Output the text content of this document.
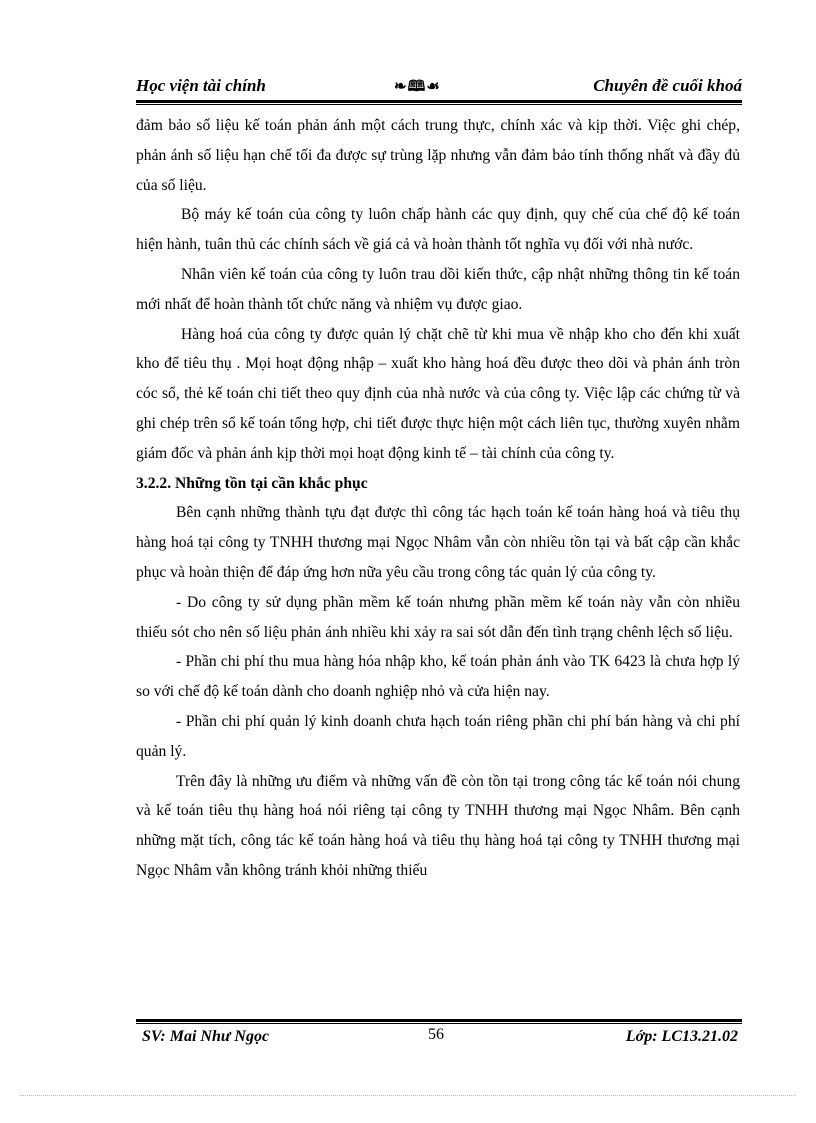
Học viện tài chính	❧🕮☙	Chuyên đề cuối khoá

đảm bảo số liệu kế toán phản ánh một cách trung thực, chính xác và kịp thời. Việc ghi chép, phản ánh số liệu hạn chế tối đa được sự trùng lặp nhưng vẫn đảm bảo tính thống nhất và đầy đủ của số liệu.

Bộ máy kế toán của công ty luôn chấp hành các quy định, quy chế của chế độ kế toán hiện hành, tuân thủ các chính sách về giá cả và hoàn thành tốt nghĩa vụ đối với nhà nước.

Nhân viên kế toán của công ty luôn trau dồi kiến thức, cập nhật những thông tin kế toán mới nhất để hoàn thành tốt chức năng và nhiệm vụ được giao.

Hàng hoá của công ty được quản lý chặt chẽ từ khi mua về nhập kho cho đến khi xuất kho để tiêu thụ . Mọi hoạt động nhập – xuất kho hàng hoá đều được theo dõi và phản ánh tròn cóc sổ, thẻ kế toán chi tiết theo quy định của nhà nước và của công ty. Việc lập các chứng từ và ghi chép trên sổ kế toán tổng hợp, chi tiết được thực hiện một cách liên tục, thường xuyên nhằm giám đốc và phản ánh kịp thời mọi hoạt động kinh tế – tài chính của công ty.

3.2.2. Những tồn tại cần khắc phục

Bên cạnh những thành tựu đạt được thì công tác hạch toán kế toán hàng hoá và tiêu thụ hàng hoá tại công ty TNHH thương mại Ngọc Nhâm vẫn còn nhiều tồn tại và bất cập cần khắc phục và hoàn thiện để đáp ứng hơn nữa yêu cầu trong công tác quản lý của công ty.

- Do công ty sử dụng phần mềm kế toán nhưng phần mềm kế toán này vẫn còn nhiều thiếu sót cho nên số liệu phản ánh nhiều khi xảy ra sai sót dẫn đến tình trạng chênh lệch số liệu.

- Phần chi phí thu mua hàng hóa nhập kho, kế toán phản ánh vào TK 6423 là chưa hợp lý so với chế độ kế toán dành cho doanh nghiệp nhỏ và cửa hiện nay.

- Phần chi phí quản lý kinh doanh chưa hạch toán riêng phần chi phí bán hàng và chi phí quản lý.

Trên đây là những ưu điểm và những vấn đề còn tồn tại trong công tác kế toán nói chung và kế toán tiêu thụ hàng hoá nói riêng tại công ty TNHH thương mại Ngọc Nhâm. Bên cạnh những mặt tích, công tác kế toán hàng hoá và tiêu thụ hàng hoá tại công ty TNHH thương mại Ngọc Nhâm vẫn không tránh khỏi những thiếu

SV: Mai Như Ngọc	56	Lớp: LC13.21.02
